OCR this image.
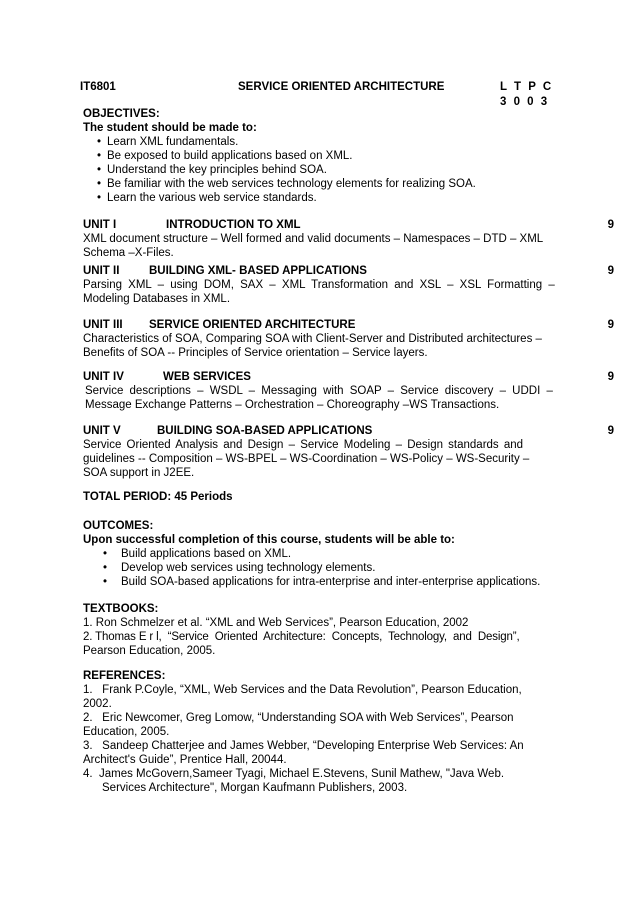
IT6801	SERVICE ORIENTED ARCHITECTURE	L T P C
3 0 0 3
OBJECTIVES:
The student should be made to:
• Learn XML fundamentals.
• Be exposed to build applications based on XML.
• Understand the key principles behind SOA.
• Be familiar with the web services technology elements for realizing SOA.
• Learn the various web service standards.
UNIT I	INTRODUCTION TO XML
XML document structure – Well formed and valid documents – Namespaces – DTD – XML
Schema –X-Files.
9
UNIT II	BUILDING XML- BASED APPLICATIONS
Parsing XML – using DOM, SAX – XML Transformation and XSL – XSL Formatting –
Modeling Databases in XML.
9
UNIT III SERVICE ORIENTED ARCHITECTURE
Characteristics of SOA, Comparing SOA with Client-Server and Distributed architectures –
Benefits of SOA -- Principles of Service orientation – Service layers.
9
UNIT IV	WEB SERVICES
Service descriptions – WSDL – Messaging with SOAP – Service discovery – UDDI –
Message Exchange Patterns – Orchestration – Choreography –WS Transactions.
9
UNIT V	BUILDING SOA-BASED APPLICATIONS
Service Oriented Analysis and Design – Service Modeling – Design standards and
guidelines -- Composition – WS-BPEL – WS-Coordination – WS-Policy – WS-Security –
SOA support in J2EE.
9
TOTAL PERIOD: 45 Periods
OUTCOMES:
Upon successful completion of this course, students will be able to:
• Build applications based on XML.
• Develop web services using technology elements.
• Build SOA-based applications for intra-enterprise and inter-enterprise applications.
TEXTBOOKS:
1. Ron Schmelzer et al. “XML and Web Services”, Pearson Education, 2002
2. Thomas E r l,  “Service  Oriented  Architecture:  Concepts,  Technology,  and  Design”,
Pearson Education, 2005.
REFERENCES:
1.   Frank P.Coyle, “XML, Web Services and the Data Revolution”, Pearson Education,
2002.
2.   Eric Newcomer, Greg Lomow, “Understanding SOA with Web Services”, Pearson
Education, 2005.
3.   Sandeep Chatterjee and James Webber, “Developing Enterprise Web Services: An
Architect's Guide”, Prentice Hall, 20044.
4.  James McGovern,Sameer Tyagi, Michael E.Stevens, Sunil Mathew, "Java Web.
Services Architecture", Morgan Kaufmann Publishers, 2003.
